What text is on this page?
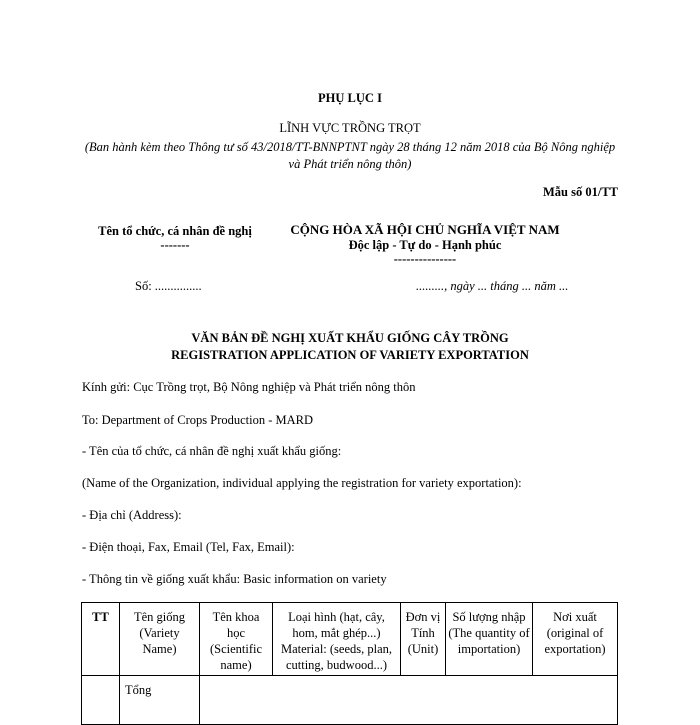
PHỤ LỤC I
LĨNH VỰC TRỒNG TRỌT
(Ban hành kèm theo Thông tư số 43/2018/TT-BNNPTNT ngày 28 tháng 12 năm 2018 của Bộ Nông nghiệp và Phát triển nông thôn)
Mẫu số 01/TT
Tên tổ chức, cá nhân đề nghị
-------
CỘNG HÒA XÃ HỘI CHỦ NGHĨA VIỆT NAM
Độc lập - Tự do - Hạnh phúc
---------------
Số: ...............	........., ngày ... tháng ... năm ...
VĂN BẢN ĐỀ NGHỊ XUẤT KHẨU GIỐNG CÂY TRỒNG
REGISTRATION APPLICATION OF VARIETY EXPORTATION
Kính gửi: Cục Trồng trọt, Bộ Nông nghiệp và Phát triển nông thôn
To: Department of Crops Production - MARD
- Tên của tổ chức, cá nhân đề nghị xuất khẩu giống:
(Name of the Organization, individual applying the registration for variety exportation):
- Địa chỉ (Address):
- Điện thoại, Fax, Email (Tel, Fax, Email):
- Thông tin về giống xuất khẩu: Basic information on variety
TT	Tên giống (Variety Name)	Tên khoa học (Scientific name)	Loại hình (hạt, cây, hom, mắt ghép...) Material: (seeds, plan, cutting, budwood...)	Đơn vị Tính (Unit)	Số lượng nhập (The quantity of importation)	Nơi xuất (original of exportation)
	Tổng					
